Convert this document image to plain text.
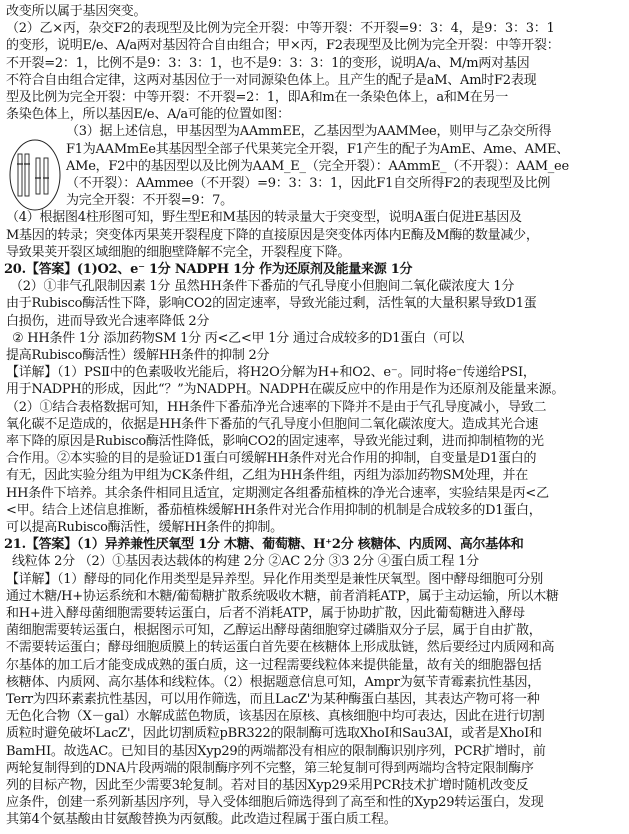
改变所以属于基因突变。
（2）乙×丙，杂交F2的表现型及比例为完全开裂：中等开裂：不开裂=9：3：4，是9：3：3：1
的变形，说明E/e、A/a两对基因符合自由组合；甲×丙，F2表现型及比例为完全开裂：中等开裂：
不开裂=2：1，比例不是9：3：3：1，也不是9：3：3：1的变形，说明A/a、M/m两对基因
不符合自由组合定律，这两对基因位于一对同源染色体上。且产生的配子是aM、Am时F2表现
型及比例为完全开裂：中等开裂：不开裂=2：1，即A和m在一条染色体上，a和M在另一
条染色体上，所以基因E/e、A/a可能的位置如图：
（3）据上述信息，甲基因型为AAmmEE，乙基因型为AAMMee，则甲与乙杂交所得
F1为AAMmEe其基因型全部子代果荚完全开裂，F1产生的配子为AmE、Ame、AME、
AMe，F2中的基因型以及比例为AAM_E_（完全开裂）：AAmmE_（不开裂）：AAM_ee
（不开裂）：AAmmee（不开裂）=9：3：3：1，因此F1自交所得F2的表现型及比例
为完全开裂：不开裂=9：7。
（4）根据图4柱形图可知，野生型E和M基因的转录量大于突变型，说明A蛋白促进E基因及
M基因的转录；突变体丙果荚开裂程度下降的直接原因是突变体丙体内E酶及M酶的数量减少，
导致果荚开裂区域细胞的细胞壁降解不完全，开裂程度下降。
20.【答案】(1)O2、e⁻ 1分 NADPH 1分 作为还原剂及能量来源 1分
（2）①非气孔限制因素 1分 虽然HH条件下番茄的气孔导度小但胞间二氧化碳浓度大 1分
由于Rubisco酶活性下降，影响CO2的固定速率，导致光能过剩，活性氧的大量积累导致D1蛋
白损伤，进而导致光合速率降低 2分
② HH条件 1分 添加药物SM 1分 丙<乙<甲 1分 通过合成较多的D1蛋白（可以
提高Rubisco酶活性）缓解HH条件的抑制 2分
【详解】（1）PSⅡ中的色素吸收光能后，将H2O分解为H+和O2、e⁻。同时将e⁻传递给PSⅠ，
用于NADPH的形成，因此“？”为NADPH。NADPH在碳反应中的作用是作为还原剂及能量来源。
（2）①结合表格数据可知，HH条件下番茄净光合速率的下降并不是由于气孔导度减小，导致二
氧化碳不足造成的，依据是HH条件下番茄的气孔导度小但胞间二氧化碳浓度大。造成其光合速
率下降的原因是Rubisco酶活性降低，影响CO2的固定速率，导致光能过剩，进而抑制植物的光
合作用。②本实验的目的是验证D1蛋白可缓解HH条件对光合作用的抑制，自变量是D1蛋白的
有无，因此实验分组为甲组为CK条件组，乙组为HH条件组，丙组为添加药物SM处理，并在
HH条件下培养。其余条件相同且适宜，定期测定各组番茄植株的净光合速率，实验结果是丙<乙
<甲。结合上述信息推断，番茄植株缓解HH条件对光合作用抑制的机制是合成较多的D1蛋白，
可以提高Rubisco酶活性，缓解HH条件的抑制。
21.【答案】（1）异养兼性厌氧型 1分 木糖、葡萄糖、H⁺2分 核糖体、内质网、高尔基体和
线粒体 2分 （2）①基因表达载体的构建 2分 ②AC 2分 ③3 2分 ④蛋白质工程 1分
【详解】（1）酵母的同化作用类型是异养型。异化作用类型是兼性厌氧型。图中酵母细胞可分别
通过木糖/H+协运系统和木糖/葡萄糖扩散系统吸收木糖，前者消耗ATP，属于主动运输，所以木糖
和H+进入酵母菌细胞需要转运蛋白，后者不消耗ATP，属于协助扩散，因此葡萄糖进入酵母
菌细胞需要转运蛋白，根据图示可知，乙醇运出酵母菌细胞穿过磷脂双分子层，属于自由扩散，
不需要转运蛋白；酵母细胞质膜上的转运蛋白首先要在核糖体上形成肽链，然后要经过内质网和高
尔基体的加工后才能变成成熟的蛋白质，这一过程需要线粒体来提供能量，故有关的细胞器包括
核糖体、内质网、高尔基体和线粒体。（2）根据题意信息可知，Ampr为氨苄青霉素抗性基因，
Terr为四环素素抗性基因，可以用作筛选，而且LacZ'为某种酶蛋白基因，其表达产物可将一种
无色化合物（X－gal）水解成蓝色物质，该基因在原核、真核细胞中均可表达，因此在进行切割
质粒时避免破坏LacZ'，因此切割质粒pBR322的限制酶可选取XhoI和Sau3AI，或者是XhoI和
BamHI。故选AC。已知目的基因Xyp29的两端都没有相应的限制酶识别序列，PCR扩增时，前
两轮复制得到的DNA片段两端的限制酶序列不完整，第三轮复制可得到两端均含特定限制酶序
列的目标产物，因此至少需要3轮复制。若对目的基因Xyp29采用PCR技术扩增时随机改变反
应条件，创建一系列新基因序列，导入受体细胞后筛选得到了高至和性的Xyp29转运蛋白，发现
其第4个氨基酸由甘氨酸替换为丙氨酸。此改造过程属于蛋白质工程。
